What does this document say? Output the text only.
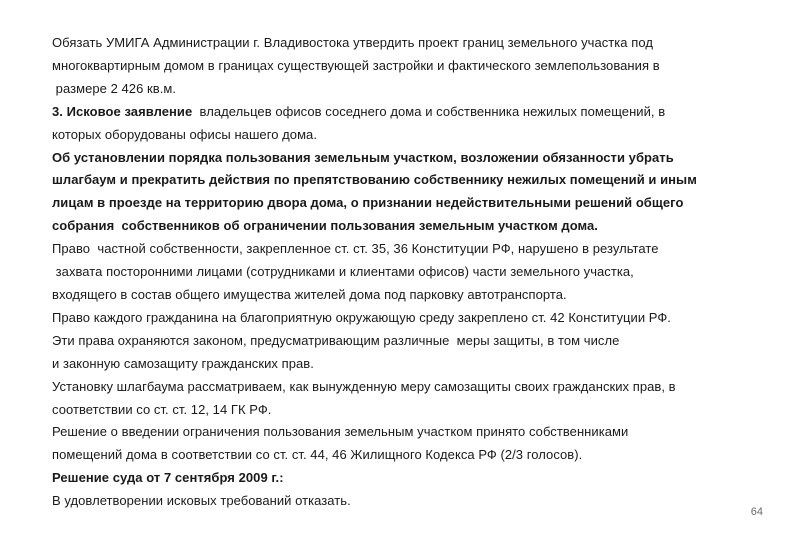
Обязать УМИГА Администрации г. Владивостока утвердить проект границ земельного участка под
многоквартирным домом в границах существующей застройки и фактического землепользования в
размере 2 426 кв.м.
3. Исковое заявление  владельцев офисов соседнего дома и собственника нежилых помещений, в
которых оборудованы офисы нашего дома.
Об установлении порядка пользования земельным участком, возложении обязанности убрать
шлагбаум и прекратить действия по препятствованию собственнику нежилых помещений и иным
лицам в проезде на территорию двора дома, о признании недействительными решений общего
собрания  собственников об ограничении пользования земельным участком дома.
Право  частной собственности, закрепленное ст. ст. 35, 36 Конституции РФ, нарушено в результате
захвата посторонними лицами (сотрудниками и клиентами офисов) части земельного участка,
входящего в состав общего имущества жителей дома под парковку автотранспорта.
Право каждого гражданина на благоприятную окружающую среду закреплено ст. 42 Конституции РФ.
Эти права охраняются законом, предусматривающим различные  меры защиты, в том числе
и законную самозащиту гражданских прав.
Установку шлагбаума рассматриваем, как вынужденную меру самозащиты своих гражданских прав, в
соответствии со ст. ст. 12, 14 ГК РФ.
Решение о введении ограничения пользования земельным участком принято собственниками
помещений дома в соответствии со ст. ст. 44, 46 Жилищного Кодекса РФ (2/3 голосов).
Решение суда от 7 сентября 2009 г.:
В удовлетворении исковых требований отказать.
64
